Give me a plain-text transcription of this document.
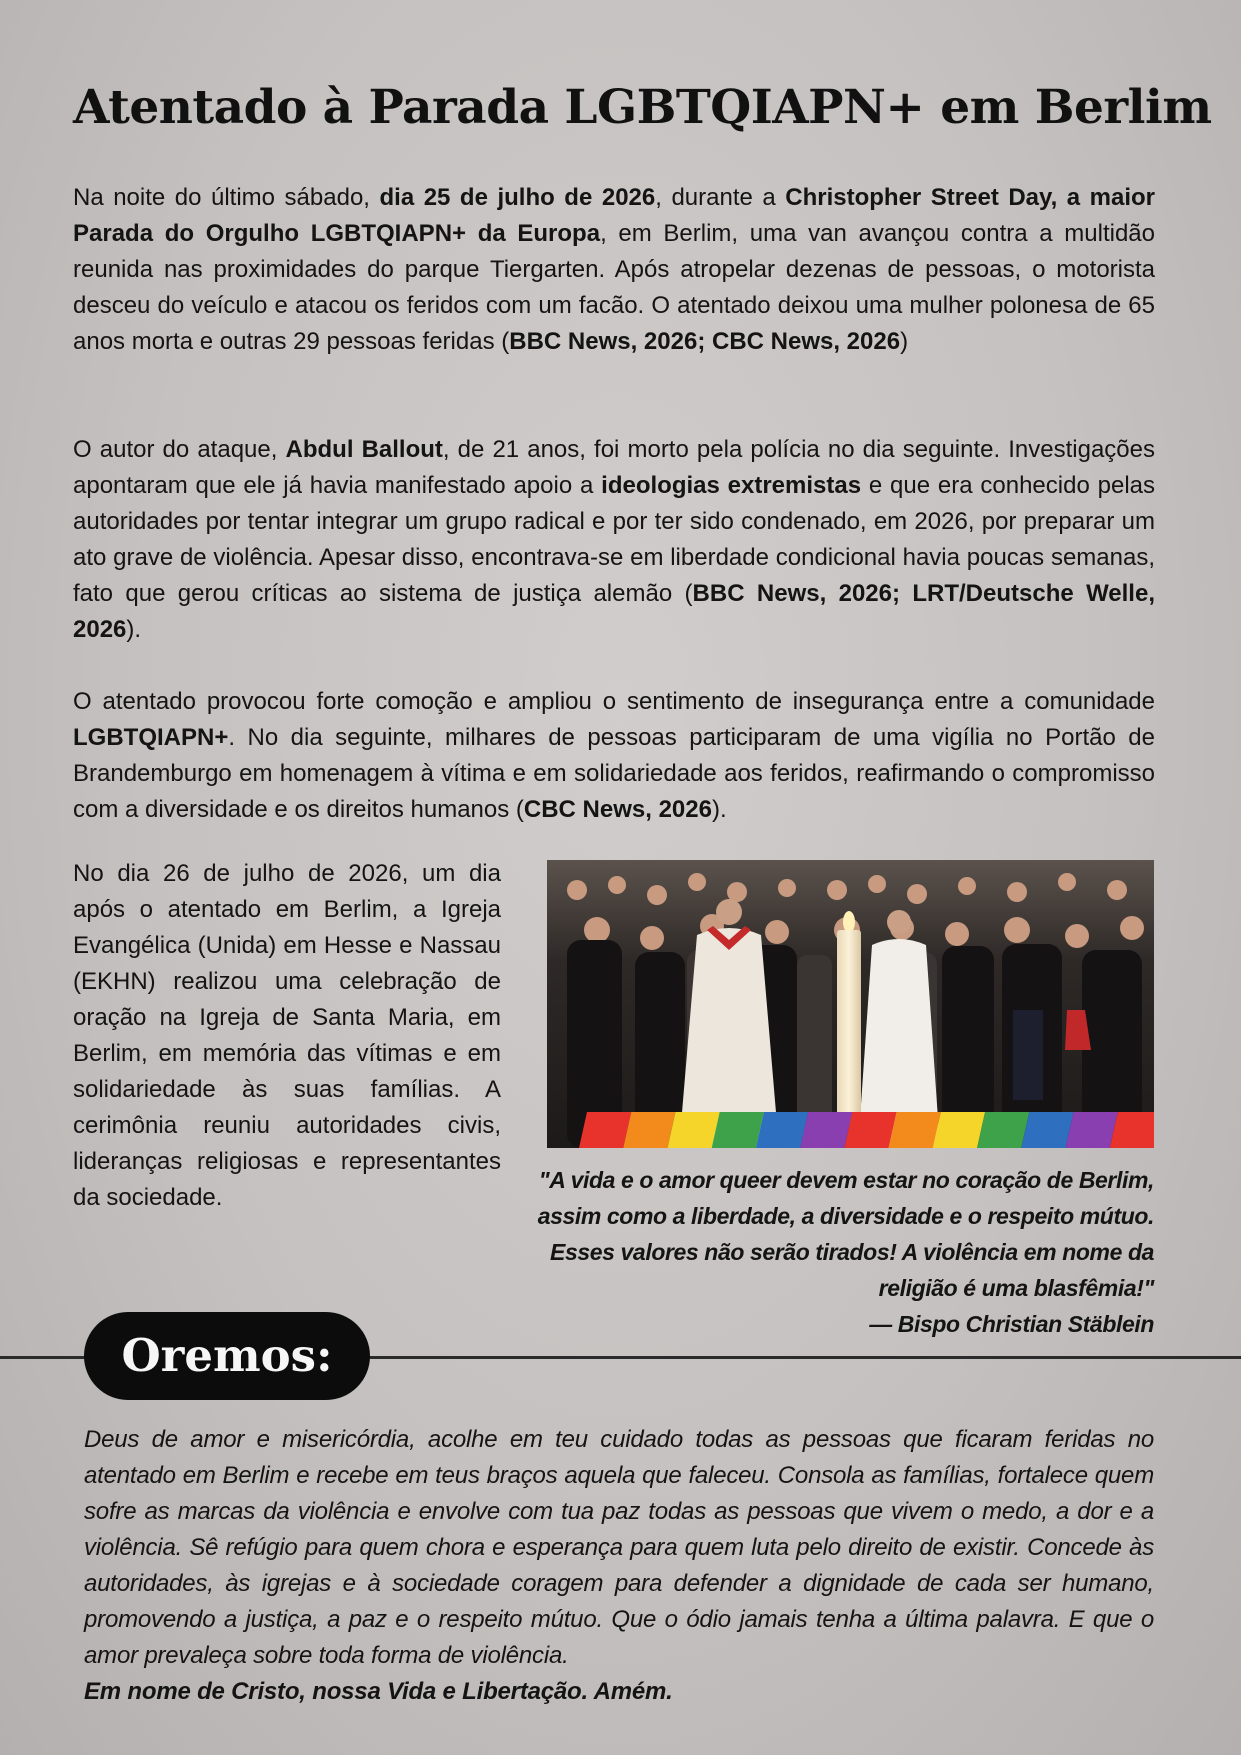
Atentado à Parada LGBTQIAPN+ em Berlim

Na noite do último sábado, dia 25 de julho de 2026, durante a Christopher Street Day, a maior Parada do Orgulho LGBTQIAPN+ da Europa, em Berlim, uma van avançou contra a multidão reunida nas proximidades do parque Tiergarten. Após atropelar dezenas de pessoas, o motorista desceu do veículo e atacou os feridos com um facão. O atentado deixou uma mulher polonesa de 65 anos morta e outras 29 pessoas feridas (BBC News, 2026; CBC News, 2026)

O autor do ataque, Abdul Ballout, de 21 anos, foi morto pela polícia no dia seguinte. Investigações apontaram que ele já havia manifestado apoio a ideologias extremistas e que era conhecido pelas autoridades por tentar integrar um grupo radical e por ter sido condenado, em 2026, por preparar um ato grave de violência. Apesar disso, encontrava-se em liberdade condicional havia poucas semanas, fato que gerou críticas ao sistema de justiça alemão (BBC News, 2026; LRT/Deutsche Welle, 2026).

O atentado provocou forte comoção e ampliou o sentimento de insegurança entre a comunidade LGBTQIAPN+. No dia seguinte, milhares de pessoas participaram de uma vigília no Portão de Brandemburgo em homenagem à vítima e em solidariedade aos feridos, reafirmando o compromisso com a diversidade e os direitos humanos (CBC News, 2026).

No dia 26 de julho de 2026, um dia após o atentado em Berlim, a Igreja Evangélica (Unida) em Hesse e Nassau (EKHN) realizou uma celebração de oração na Igreja de Santa Maria, em Berlim, em memória das vítimas e em solidariedade às suas famílias. A cerimônia reuniu autoridades civis, lideranças religiosas e representantes da sociedade.

"A vida e o amor queer devem estar no coração de Berlim, assim como a liberdade, a diversidade e o respeito mútuo. Esses valores não serão tirados! A violência em nome da religião é uma blasfêmia!"
— Bispo Christian Stäblein

Oremos:

Deus de amor e misericórdia, acolhe em teu cuidado todas as pessoas que ficaram feridas no atentado em Berlim e recebe em teus braços aquela que faleceu. Consola as famílias, fortalece quem sofre as marcas da violência e envolve com tua paz todas as pessoas que vivem o medo, a dor e a violência. Sê refúgio para quem chora e esperança para quem luta pelo direito de existir. Concede às autoridades, às igrejas e à sociedade coragem para defender a dignidade de cada ser humano, promovendo a justiça, a paz e o respeito mútuo. Que o ódio jamais tenha a última palavra. E que o amor prevaleça sobre toda forma de violência.
Em nome de Cristo, nossa Vida e Libertação. Amém.
